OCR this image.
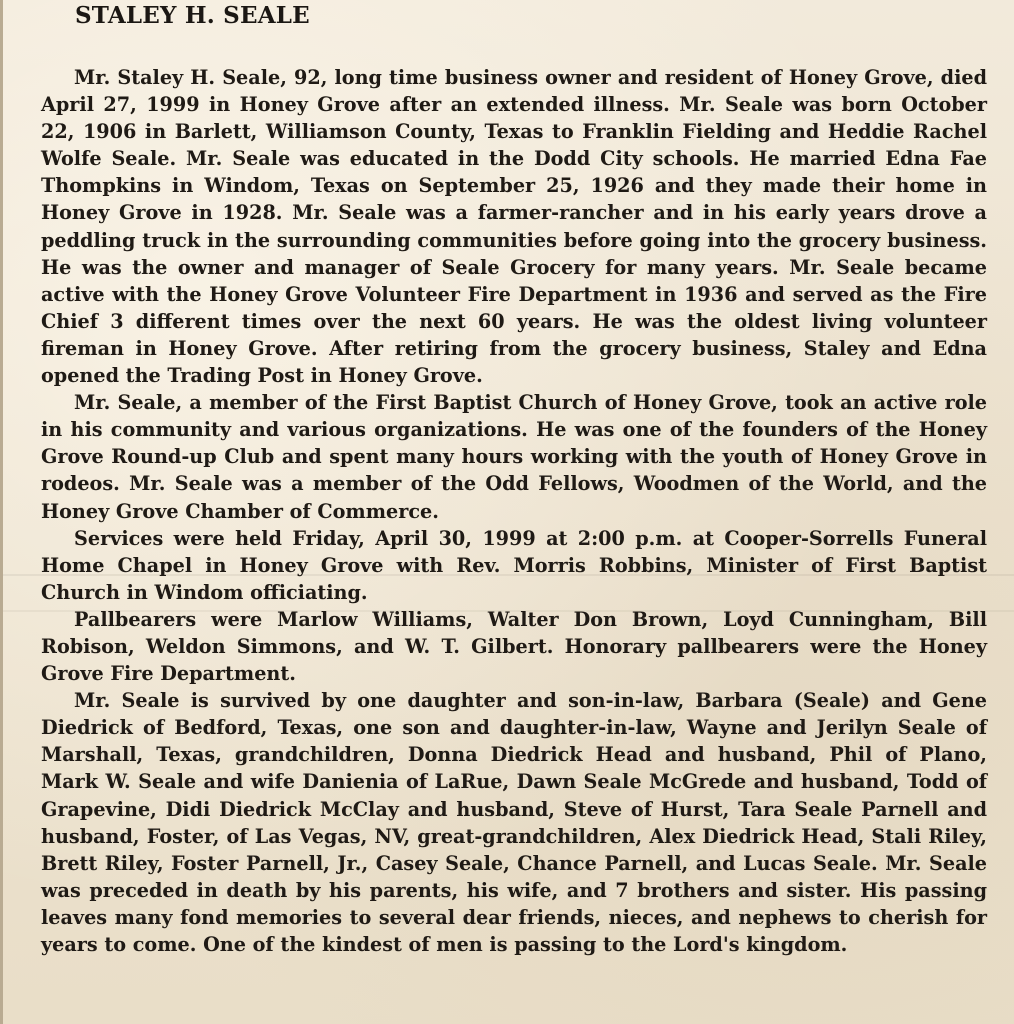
STALEY H. SEALE

Mr. Staley H. Seale, 92, long time business owner and resident of Honey Grove, died April 27, 1999 in Honey Grove after an extended illness. Mr. Seale was born October 22, 1906 in Barlett, Williamson County, Texas to Franklin Fielding and Heddie Rachel Wolfe Seale. Mr. Seale was educated in the Dodd City schools. He married Edna Fae Thompkins in Windom, Texas on September 25, 1926 and they made their home in Honey Grove in 1928. Mr. Seale was a farmer-rancher and in his early years drove a peddling truck in the surrounding communities before going into the grocery business. He was the owner and manager of Seale Grocery for many years. Mr. Seale became active with the Honey Grove Volunteer Fire Department in 1936 and served as the Fire Chief 3 different times over the next 60 years. He was the oldest living volunteer fireman in Honey Grove. After retiring from the grocery business, Staley and Edna opened the Trading Post in Honey Grove.

Mr. Seale, a member of the First Baptist Church of Honey Grove, took an active role in his community and various organizations. He was one of the founders of the Honey Grove Round-up Club and spent many hours working with the youth of Honey Grove in rodeos. Mr. Seale was a member of the Odd Fellows, Woodmen of the World, and the Honey Grove Chamber of Commerce.

Services were held Friday, April 30, 1999 at 2:00 p.m. at Cooper-Sorrells Funeral Home Chapel in Honey Grove with Rev. Morris Robbins, Minister of First Baptist Church in Windom officiating.

Pallbearers were Marlow Williams, Walter Don Brown, Loyd Cunningham, Bill Robison, Weldon Simmons, and W. T. Gilbert. Honorary pallbearers were the Honey Grove Fire Department.

Mr. Seale is survived by one daughter and son-in-law, Barbara (Seale) and Gene Diedrick of Bedford, Texas, one son and daughter-in-law, Wayne and Jerilyn Seale of Marshall, Texas, grandchildren, Donna Diedrick Head and husband, Phil of Plano, Mark W. Seale and wife Danienia of LaRue, Dawn Seale McGrede and husband, Todd of Grapevine, Didi Diedrick McClay and husband, Steve of Hurst, Tara Seale Parnell and husband, Foster, of Las Vegas, NV, great-grandchildren, Alex Diedrick Head, Stali Riley, Brett Riley, Foster Parnell, Jr., Casey Seale, Chance Parnell, and Lucas Seale. Mr. Seale was preceded in death by his parents, his wife, and 7 brothers and sister. His passing leaves many fond memories to several dear friends, nieces, and nephews to cherish for years to come. One of the kindest of men is passing to the Lord's kingdom.
